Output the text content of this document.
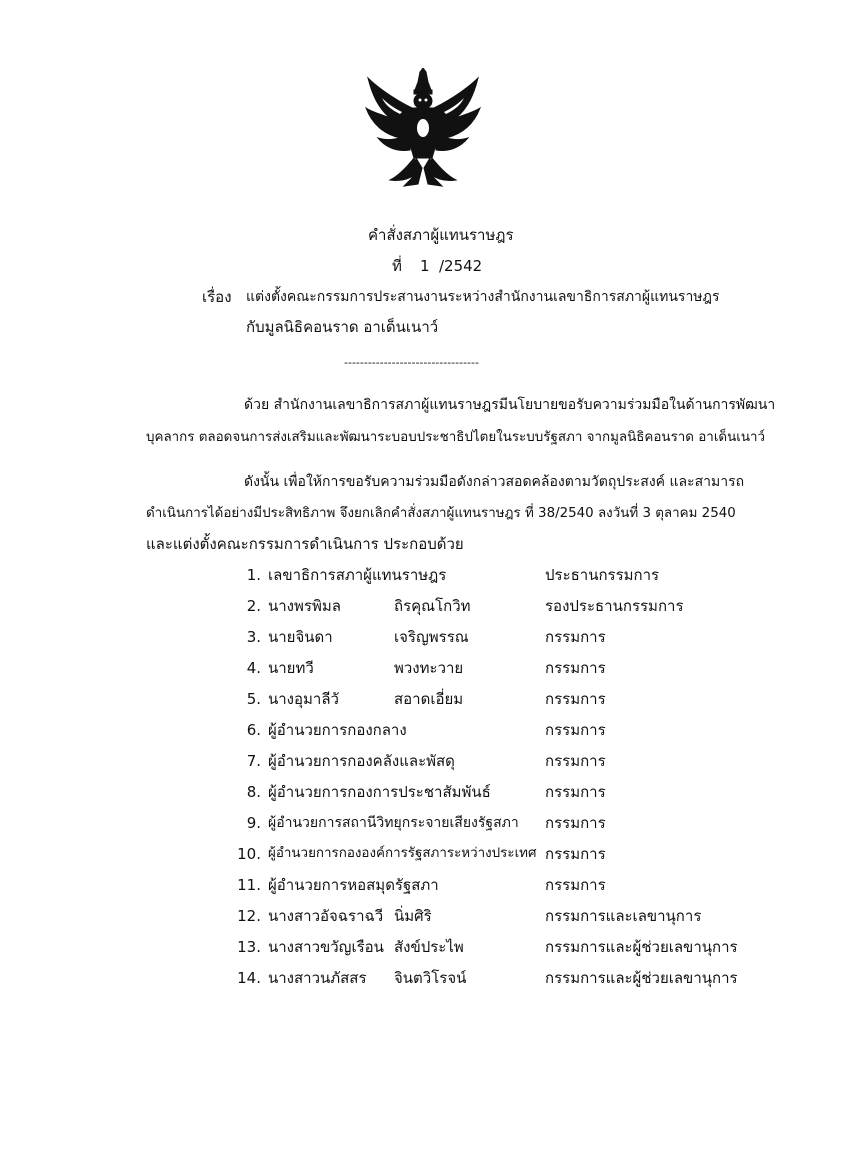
คำสั่งสภาผู้แทนราษฎร
ที่ 1 /2542
เรื่อง แต่งตั้งคณะกรรมการประสานงานระหว่างสำนักงานเลขาธิการสภาผู้แทนราษฎร
กับมูลนิธิคอนราด อาเด็นเนาว์
----------------------------------
ด้วย สำนักงานเลขาธิการสภาผู้แทนราษฎรมีนโยบายขอรับความร่วมมือในด้านการพัฒนา
บุคลากร ตลอดจนการส่งเสริมและพัฒนาระบอบประชาธิปไตยในระบบรัฐสภา จากมูลนิธิคอนราด อาเด็นเนาว์
ดังนั้น เพื่อให้การขอรับความร่วมมือดังกล่าวสอดคล้องตามวัตถุประสงค์ และสามารถ
ดำเนินการได้อย่างมีประสิทธิภาพ จึงยกเลิกคำสั่งสภาผู้แทนราษฎร ที่ 38/2540 ลงวันที่ 3 ตุลาคม 2540
และแต่งตั้งคณะกรรมการดำเนินการ ประกอบด้วย
1. เลขาธิการสภาผู้แทนราษฎร	ประธานกรรมการ
2. นางพรพิมล	ถิรคุณโกวิท	รองประธานกรรมการ
3. นายจินดา	เจริญพรรณ	กรรมการ
4. นายทวี	พวงทะวาย	กรรมการ
5. นางอุมาลีวั	สอาดเอี่ยม	กรรมการ
6. ผู้อำนวยการกองกลาง	กรรมการ
7. ผู้อำนวยการกองคลังและพัสดุ	กรรมการ
8. ผู้อำนวยการกองการประชาสัมพันธ์	กรรมการ
9. ผู้อำนวยการสถานีวิทยุกระจายเสียงรัฐสภา กรรมการ
10. ผู้อำนวยการกององค์การรัฐสภาระหว่างประเทศ กรรมการ
11. ผู้อำนวยการหอสมุดรัฐสภา	กรรมการ
12. นางสาวอัจฉราฉวี นิ่มศิริ	กรรมการและเลขานุการ
13. นางสาวขวัญเรือน สังข์ประไพ	กรรมการและผู้ช่วยเลขานุการ
14. นางสาวนภัสสร จินตวิโรจน์	กรรมการและผู้ช่วยเลขานุการ
